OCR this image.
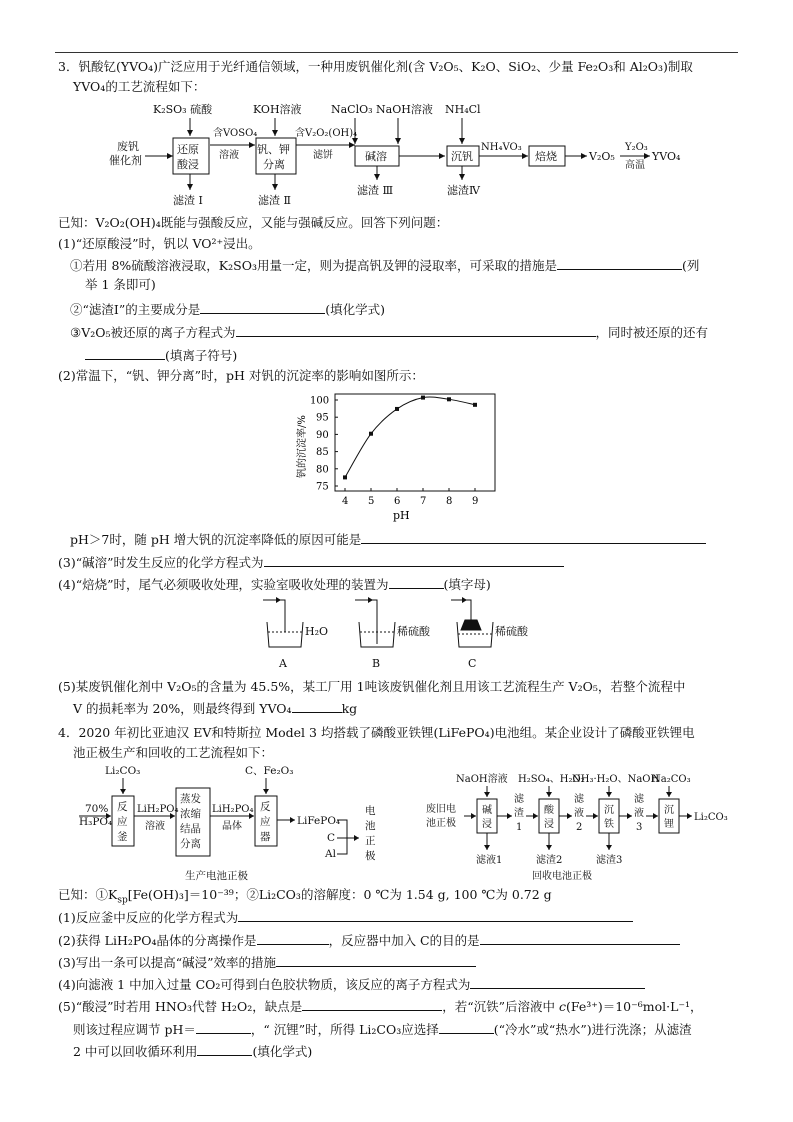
3．钒酸钇(YVO₄)广泛应用于光纤通信领域，一种用废钒催化剂(含 V₂O₅、K₂O、SiO₂、少量 Fe₂O₃和 Al₂O₃)制取
YVO₄的工艺流程如下：
废钒
催化剂
K₂SO₃ 硫酸
还原
酸浸
滤渣 Ⅰ
含VOSO₄
溶液
KOH溶液
钒、钾
分离
滤渣 Ⅱ
含V₂O₂(OH)₄
滤饼
NaClO₃ NaOH溶液
碱溶
滤渣 Ⅲ
NH₄Cl
沉钒
滤渣Ⅳ
NH₄VO₃
焙烧	V₂O₅
Y₂O₃
高温
YVO₄
已知：V₂O₂(OH)₄既能与强酸反应，又能与强碱反应。回答下列问题：
(1)“还原酸浸”时，钒以 VO²⁺浸出。
①若用 8%硫酸溶液浸取，K₂SO₃用量一定，则为提高钒及钾的浸取率，可采取的措施是	(列
举 1 条即可)
②“滤渣Ⅰ”的主要成分是	(填化学式)
③V₂O₅被还原的离子方程式为	，同时被还原的还有
(填离子符号)
(2)常温下，“钒、钾分离”时，pH 对钒的沉淀率的影响如图所示：
钒的沉淀率/%
pH
4 5 6 7 8 9
75
80
85
90
95
100
pH＞7时，随 pH 增大钒的沉淀率降低的原因可能是
(3)“碱溶”时发生反应的化学方程式为
(4)“焙烧”时，尾气必须吸收处理，实验室吸收处理的装置为	(填字母)
H₂O
A
稀硫酸
B
稀硫酸
C
(5)某废钒催化剂中 V₂O₅的含量为 45.5%，某工厂用 1吨该废钒催化剂且用该工艺流程生产 V₂O₅，若整个流程中
V 的损耗率为 20%，则最终得到 YVO₄	kg
4．2020 年初比亚迪汉 EV和特斯拉 Model 3 均搭载了磷酸亚铁锂(LiFePO₄)电池组。某企业设计了磷酸亚铁锂电
池正极生产和回收的工艺流程如下：
Li₂CO₃
70%
H₃PO₄
反
应
釜
LiH₂PO₄
溶液
蒸发
浓缩
结晶
分离
LiH₂PO₄
晶体
C、Fe₂O₃
反
应
器
LiFePO₄
C
Al
电
池
正
极
生产电池正极
废旧电
池正极
NaOH溶液
碱
浸
滤液1
滤
渣
1
H₂SO₄、H₂O₂
酸
浸
滤渣2
滤
液
2
NH₃·H₂O、NaOH
沉
铁
滤渣3
滤
液
3
Na₂CO₃
沉
锂
Li₂CO₃
回收电池正极
已知：$①K_{sp}[Fe(OH)_3]=10^{-39}$；②Li₂CO₃的溶解度：0 ℃为 1.54 g, 100 ℃为 0.72 g
(1)反应釜中反应的化学方程式为
(2)获得 LiH₂PO₄晶体的分离操作是	，反应器中加入 C的目的是
(3)写出一条可以提高“碱浸”效率的措施
(4)向滤液 1 中加入过量 CO₂可得到白色胶状物质，该反应的离子方程式为
(5)“酸浸”时若用 HNO₃代替 H₂O₂，缺点是	，若“沉铁”后溶液中 c(Fe³⁺)＝10⁻⁶mol·L⁻¹，
则该过程应调节 pH＝	，“ 沉锂”时，所得 Li₂CO₃应选择	(“冷水”或“热水”)进行洗涤；从滤渣
2 中可以回收循环利用	(填化学式)
